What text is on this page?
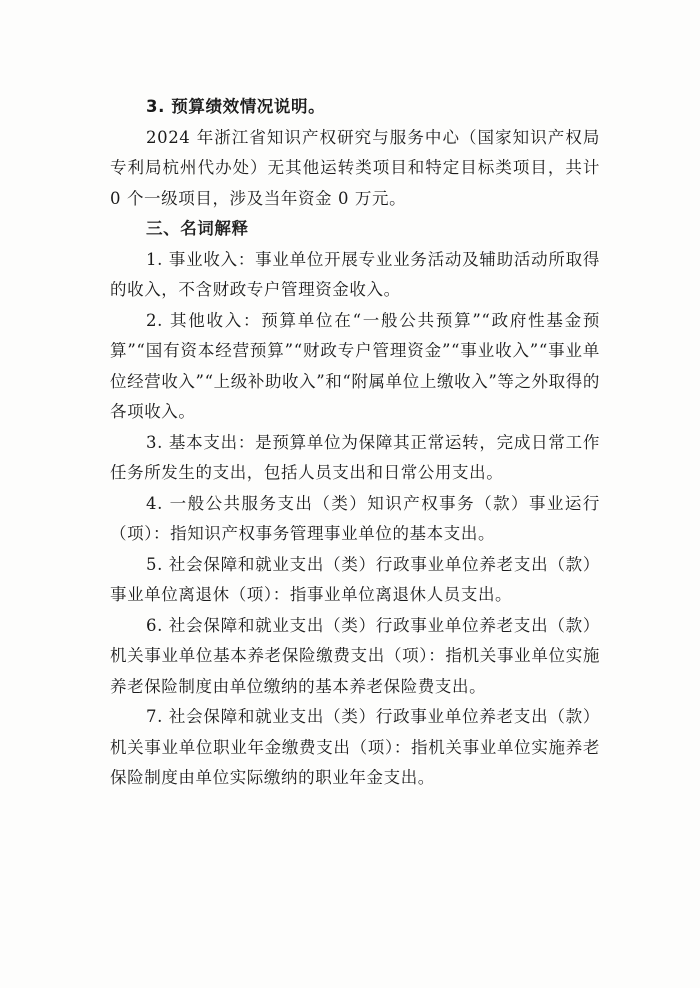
3. 预算绩效情况说明。

2024 年浙江省知识产权研究与服务中心（国家知识产权局专利局杭州代办处）无其他运转类项目和特定目标类项目，共计 0 个一级项目，涉及当年资金 0 万元。

三、名词解释

1. 事业收入：事业单位开展专业业务活动及辅助活动所取得的收入，不含财政专户管理资金收入。

2. 其他收入：预算单位在“一般公共预算”“政府性基金预算”“国有资本经营预算”“财政专户管理资金”“事业收入”“事业单位经营收入”“上级补助收入”和“附属单位上缴收入”等之外取得的各项收入。

3. 基本支出：是预算单位为保障其正常运转，完成日常工作任务所发生的支出，包括人员支出和日常公用支出。

4. 一般公共服务支出（类）知识产权事务（款）事业运行（项）：指知识产权事务管理事业单位的基本支出。

5. 社会保障和就业支出（类）行政事业单位养老支出（款）事业单位离退休（项）：指事业单位离退休人员支出。

6. 社会保障和就业支出（类）行政事业单位养老支出（款）机关事业单位基本养老保险缴费支出（项）：指机关事业单位实施养老保险制度由单位缴纳的基本养老保险费支出。

7. 社会保障和就业支出（类）行政事业单位养老支出（款）机关事业单位职业年金缴费支出（项）：指机关事业单位实施养老保险制度由单位实际缴纳的职业年金支出。
